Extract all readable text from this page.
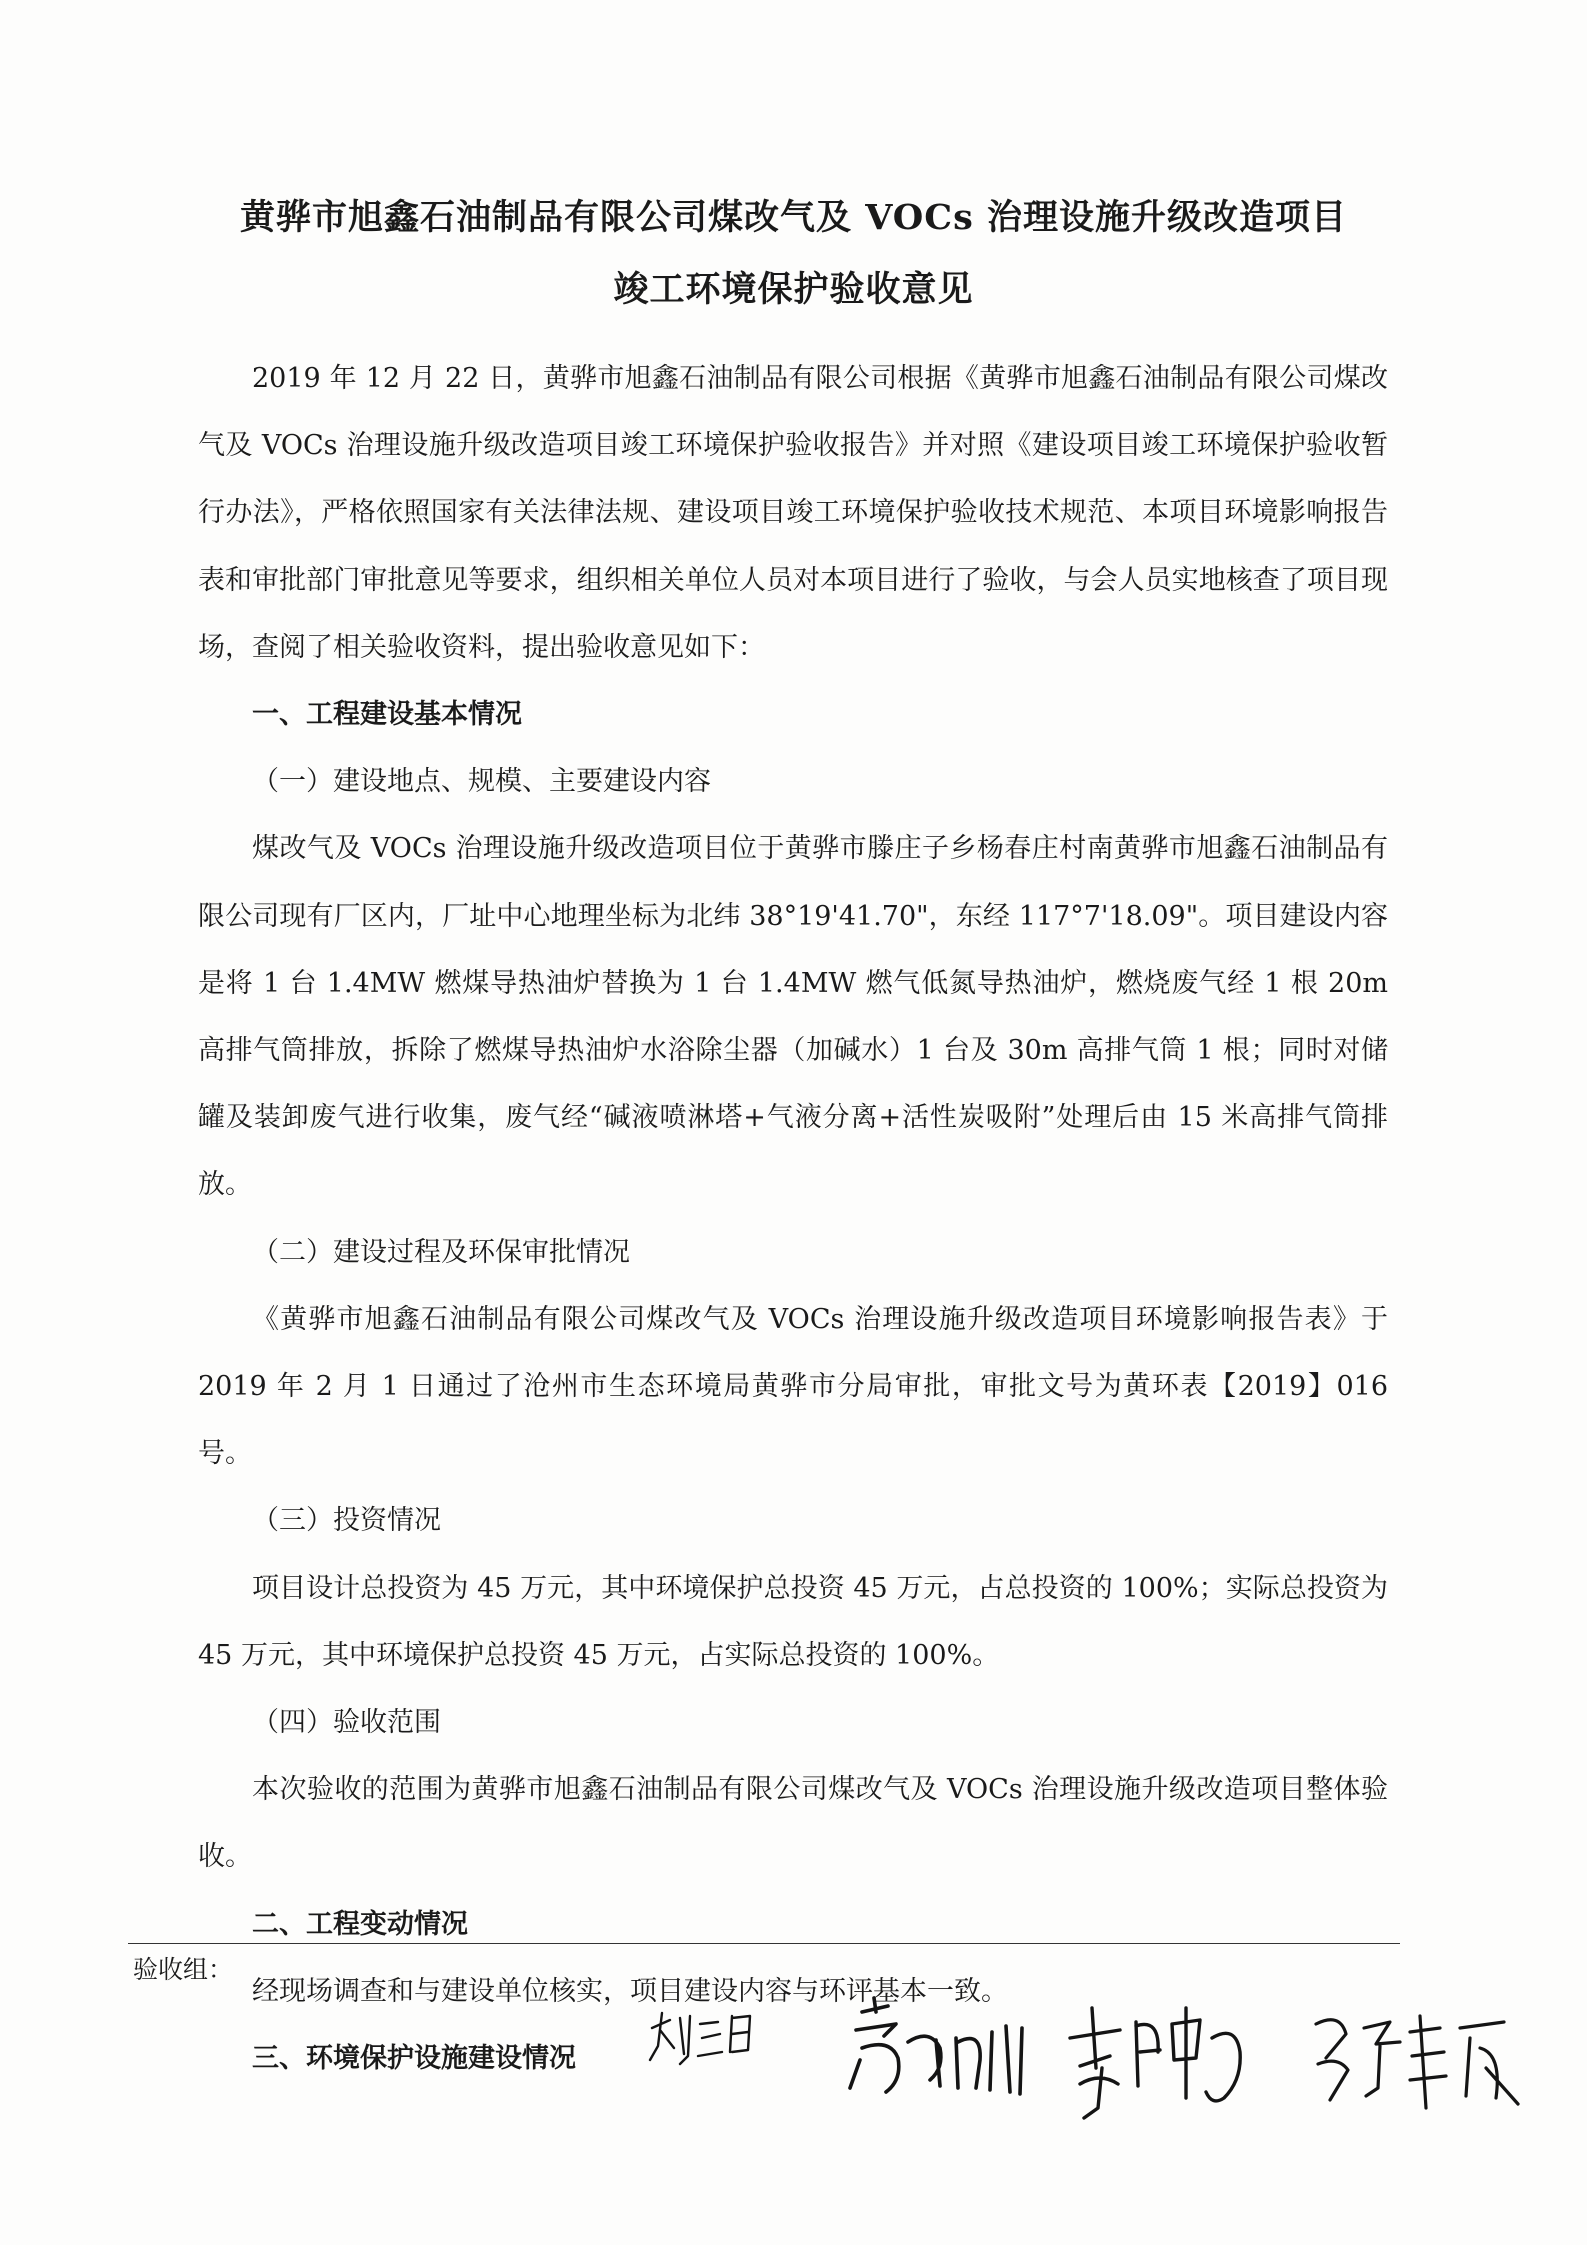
黄骅市旭鑫石油制品有限公司煤改气及 VOCs 治理设施升级改造项目
竣工环境保护验收意见

2019 年 12 月 22 日，黄骅市旭鑫石油制品有限公司根据《黄骅市旭鑫石油制品有限公司煤改气及 VOCs 治理设施升级改造项目竣工环境保护验收报告》并对照《建设项目竣工环境保护验收暂行办法》，严格依照国家有关法律法规、建设项目竣工环境保护验收技术规范、本项目环境影响报告表和审批部门审批意见等要求，组织相关单位人员对本项目进行了验收，与会人员实地核查了项目现场，查阅了相关验收资料，提出验收意见如下：

一、工程建设基本情况

（一）建设地点、规模、主要建设内容

煤改气及 VOCs 治理设施升级改造项目位于黄骅市滕庄子乡杨春庄村南黄骅市旭鑫石油制品有限公司现有厂区内，厂址中心地理坐标为北纬 38°19'41.70"，东经 117°7'18.09"。项目建设内容是将 1 台 1.4MW 燃煤导热油炉替换为 1 台 1.4MW 燃气低氮导热油炉，燃烧废气经 1 根 20m 高排气筒排放，拆除了燃煤导热油炉水浴除尘器（加碱水）1 台及 30m 高排气筒 1 根；同时对储罐及装卸废气进行收集，废气经“碱液喷淋塔+气液分离+活性炭吸附”处理后由 15 米高排气筒排放。

（二）建设过程及环保审批情况

《黄骅市旭鑫石油制品有限公司煤改气及 VOCs 治理设施升级改造项目环境影响报告表》于 2019 年 2 月 1 日通过了沧州市生态环境局黄骅市分局审批，审批文号为黄环表【2019】016 号。

（三）投资情况

项目设计总投资为 45 万元，其中环境保护总投资 45 万元，占总投资的 100%；实际总投资为 45 万元，其中环境保护总投资 45 万元，占实际总投资的 100%。

（四）验收范围

本次验收的范围为黄骅市旭鑫石油制品有限公司煤改气及 VOCs 治理设施升级改造项目整体验收。

二、工程变动情况

经现场调查和与建设单位核实，项目建设内容与环评基本一致。

三、环境保护设施建设情况

验收组：
